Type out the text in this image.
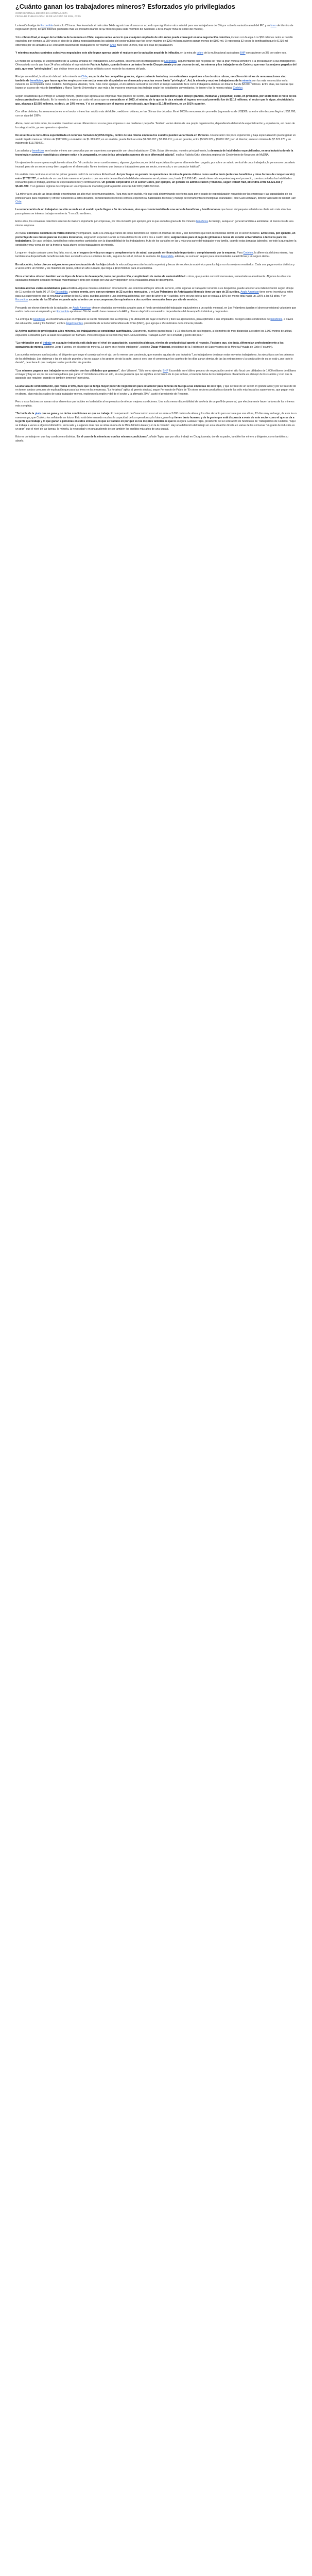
¿Cuánto ganan los trabajadores mineros? Esforzados y/o privilegiados
CORRESPONSAL MINERO EN ANTOFAGASTA
FECHA DE PUBLICACIÓN: 29 DE AGOSTO DE 2024, 07:15

La tensión huelga de Escondida duró solo 72 horas. Fue levantada el miércoles 14 de agosto tras alcanzar un acuerdo que significó un alza salarial para sus trabajadores del 3% por sobre la variación anual del IPC y un bono de término de negociación (BTN) de $30 millones (sumados más un préstamo blando de $2 millones para cada miembro del Sindicato 1 de la mayor mina de cobre del mundo).

Sólo el bono final, el mayor de la historia de la minería en Chile, supera varias veces lo que cualquier empleado de otro rubro puede conseguir en una negociación colectiva, incluso con huelga. Los $30 millones netos al bolsillo equivalen, por ejemplo, a 150 veces el piso de la última negociación para los salarios del sector público que fue de un máximo de $200 mil para quienes ganan menos de $800 mil. O representa 52 veces lo bonificación que le $ 230 mil obtenidos por los afiliados a la Federación Nacional de Trabajadores de Walmart Chile hace sólo un mes, tras seis días de paralización.

Y mientras muchos contratos colectivos negociados este año logran apenas cubrir el reajuste por la variación anual de la inflación, en la mina de cobre de la multinacional australiana BHP consiguieron un 3% por sobre eso.

En medio de la huelga, el vicepresidente de la Central Unitaria de Trabajadores, Eric Campos, sostenía con los trabajadores de Escondida, argumentando que no podía ser "que la gran minera sometiera a la precarización a sus trabajadores". Ofrezca todo con la que hace 24 años señalaba el expresidente Patricio Aylwin, cuando frente a un teatro lleno de Chuquicamata y a una decena de mil, los mineros y los trabajadores de Codelco que eran los mejores pagados del país, que eran "privilegiados", que debían tener una actitud más solidaria con el resto de los obreros del país.

Rincipe en realidad, la situación laboral de la minería en Chile, en particular las compañías grandes, sigue contando hasta hoy con estándares superiores a los de otros rubros, no sólo en términos de remuneraciones sino también de beneficios, que hacen que los empleos en ese sector sean aún disputados en el mercado y muchas veces hasta "privilegios". Así, la minería y muchos trabajadores de la minería son los más reconocidos en la industria de la compañía como Codelco, Antofagasta Minerals, Teck. Sólo como ejemplo, en los últimos semestres del 2024 el tiempo salarial de Teck como trabajadora del mes en dólares fue de $3.600 millones. Entre ellas, las nuevas que logran un acceso de más de beneficios y Marco Talento Universitario, que más a las mayores empresas tras trabajar según los estudiantes universitarios, lo tienen y fue la minera estatal Codelco.

Según estadísticas que entregó el Consejo Minero, gremio que agrupa a las empresas más grandes del sector, los salarios de la minería (que incluye grandes, medianas y pequeñas) están, en promedio, por sobre todo el resto de los rubros productivos del país. En la minería la mejora por cada mil pesos que es conocida en el 2023, el mínimo de lo que se le da a minería el ingreso mensual promedio fue de $2,18 millones, el sector que le sigue, electricidad y gas, alcanza a $2.005 millones, es decir, un 10% menos. Y si se compara con el ingreso promedio país, que llega a $1.148 millones, es un 101% superior.

Con cifras distintas, las remuneraciones en el sector minero han subido más del doble, medido en dólares, en las últimas dos décadas. En el 2003 la remuneración promedio (ingresada es de US$389, vs entre sólo despues llegó a US$2.700, con un alza del 199%.

Ahora, como en todo rubro, los sueldos muestran vastas diferencias si es una gran empresa o una mediana o pequeña. También varían dentro de una propia organización, dependiendo del nivel de especialización y experiencia, así como de la categorización, ya sea operario o ejecutivo.

De acuerdo a la consultora especializada en recursos humanos MyDNA Digital, dentro de una misma empresa los sueldos pueden variar hasta en 15 veces. Un operador con poca experiencia y baja especialización puede ganar un sueldo liquido mensual mínimo de $917.076 y un máximo de $1.313.682; en un analista, puede fluctuar entre $1.880.707 y $3.196.211; y en un gerente, entre $5.529.225 y $9.863.187; y en el director, entre un mínimo de $7.521.270 y un máximo de $13.789.571.

Los salarios y beneficios en el sector minero son conocidos por ser superiores comparación con otras industrias en Chile. Estas diferencias, muestra principalmente, la demanda de habilidades especializadas, en una industria donde la tecnología y avances tecnológicos siempre están a la vanguardia, en una de las principales razones de este diferencial salarial", explica Fabiola Ortiz, directora regional de Crecimiento de Negocios de MyDNA.

Un ejecutivo de una empresa explicita esta situación: "el conductor de un camión minero, algunos gigantescos, es de tal especialización que es altamente bien pagado, por sobre un salario vertical de unos trabajador, la persona es un salario inusual, pero de un sector y muy bien pagado en el el mercado. No es lo mismo que buscar a trabajadores para un sector, o uno solo, o un conductor habitual".

Un análisis más centrado en el rol del primer gerente realizó la consultora Robert Half. Así por lo que un gerente de operaciones de mina de planta obtiene como sueldo bruto (antes los beneficios y otras formas de compensación) entre $7.737.777, si se trata de un candidato nuevo en el puesto o que aun esta desarrollando habilidades relevantes en el primer caso, hasta $10.298.143, cuando tiene más experiencia que el promedio, cuenta con todas las habilidades relevantes para el trabajo, además de especializaciones y certificaciones. Un gerente corporativo en el sector Cobre, por ejemplo, un gerente de administración y finanzas, según Robert Half, obtendría entre $4.321.665 y $5.481.930. Y un gerente regional de compras en un empresa de marketing podría percibir entre $7.647.839 y $10.242.042.

"La minería es una de las áreas donde encontramos un alto nivel de remuneraciones. Para muy buen sueldo, y lo que está determinando este tema para por el grado de especialización requerido por las empresas y las capacidades de los profesionales para responder y ofrecer soluciones a estos desafíos, considerando los forces como la experiencia, habilidades técnicas y manejo de herramientas tecnológicas avanzadas", dice Caco Almazán, director asociado de Robert Half Chile.

La remuneración de un trabajador no sólo se mide en el sueldo que le llegue a fin de cada mes, sino que consta también de una serie de beneficios y bonificaciones que hacen del paquete salarial una oferta aún más atractiva para quienes se interesa trabajar en minería. Y no sólo en dinero.

Entre ellos, los convenios colectivos ofrecen de manera importante por empresas, por otra inclusión por ejemplo, por lo que en todas gracia de los mineros beneficios de trabajo, aunque en general también a asimilarse, al menos los de una misma empresa.

Al revisar contratos colectivos de varias mineras y compararlo, salta a la vista que varios de estos beneficios se repiten en muchas de ellos y son beneficios que bien reconocidas dentro en el sector inclusive. Entre ellos, por ejemplo, un porcentaje de sus meses para las mejores locaciones, asignación especial cuando se trata del hecho de entre dos a cuatro años; asignaciones para el pago de gimnasio o becas de estudio universitarios o técnicos para los trabajadores. En caso de hijos, también hay estos montos cambiados con la disponibilidad de los trabajadores, fruto de los variables en las y más una parte del trabajador y su familia, cuando estas jornadas laborales, en todo la que quiere la condición y muy cerca de ser la frontera hacia afuera de los trabajadores de minería.

Lo que en ningún contrato como hoy falta, eso si, es el seguro de vida y un seguro complementario de salud, que puede ser financiado importante o completamente por la empresa. Para Codelco, la diferencia del área minera, hay también una dispersión de beneficios más bien asociados a la sus clientes de vida, seguros de salud, incluso la sanitaria. En Escondida, además, se suma un seguro para enfermedades catastróficas y un seguro dental.

En educación, todas ofrecen asignaciones para la educación de los hijos (desde la educación preescolar hasta la superior), y becas de excelencia académica para los hijos con los mejores resultados. Cada una paga montos distintos y a veces entre un mínimo y los máximos de pesos, sobre un año cursado, que llega a $9,8 millones para el Escondida.

Otros contratos ofrecen también varios tipos de bonos de desempeño, tanto por producción, cumplimiento de metas de sustentabilidad u otros, que pueden consistir mensuales, semestrales o anualmente. Algunos de ellos son calculados mediante secuales formulas matemáticas y otros por el pago por una vez y dependen de la evaluación anual de desempeño.

Existen además varias modalidades para el retiro. Algunas mineras establecen directamente una indemnización por años de servicio, entre algunas al trabajador renuncia o es despedido, puede acceder a la indemnización según el tope de 11 sueldos de hasta 90 UF. En Escondida, y a todo evento, pero con un número de 22 sueldos mensuales, y en Los Pelambres de Antofagasta Minerals tiene un tope de 25 sueldos. Anglo American tiene como incentivo al retiro para sus supervisores que al renunciar a contar de los 60 años, puedan acceder a una indemnización total, con tope de ahorro de 4 sueldos, pero en uno esfera que se escala a 80% del monto total hasta un 100% a los 63 años. Y en Escondida, a contar de los 55 años se puede optar al retiro con una compensación equivalente a dos sueldos mensuales base por año de servicio.

Pensando en elevar el monto de la jubilación, en Anglo American ofrecen depósitos convenidos anuales para el fondo previsional del trabajador equivalentes a un sueldo mensual, en Los Pelambres igualan el ahorro previsional voluntario que realiza cada mes el empleado y en Escondida aportan un 5% del sueldo base mensual a la AFP y ofrecen depósitos convenidos, dependientes del desempeño individual y corporativo.

"La entrega de beneficios va encaminada a que el empleado se siente fidelizado con la empresa, y la utilización de bajar el número y bien las aplicaciones, para optimizar a sus empleados, recogen estas condiciones de beneficios, a través del educación, salud y los familiar", explica Ángel Fuentes, presidente de la Federación Minera de Chile (FMC), que agrupa a 25 sindicatos de la minería privada.

Si Aylwin calificó de privilegiados a los mineros, los trabajadores se consideran sacrificados. Claramente, muchos ganan hasta 7 u 15 días fuera de sus hogares, a kilómetros de muy distancias a o sobre los 3.000 metros de altitud, expuestos a desafíos para la salud de cualquier ser humano. Pero ellos igual se sienten muy bien. En Escondida, Trabajan a 2km del Fernando y pecto del país."

"La retribución por el trabajo en cualquier industria está dado por el nivel de capacitación, exposición al riesgo, niveles de productividad aporte al negocio. Factores que, sin duda, diferencian profesionalmente a los operadores de minera, sostiene Jorge Fuentes, en el sector de minería, Lo clave en el hecho inteligente", sostiene Óscar Villarroel, presidente de la Federación de Supervisores de la Minería Privada de Chile (Fesumin).

Los sueldos entonces son los justos, el dirigente que luego el consejo así en el ojo, por lo menos con conciencia, que muestra agudas de una industria "Los trabajadores destacan estar en varios trabajadores, los ejecutivos son los primeros de los del trabajo. Los sistemas y las de sala de grandes y los no pagan a los grados de ojo la parte, pues si creo que el consejo que los cuantos de los días ganan demás, de las las extracciones y la conducción de su se está y, por todo lo demás", pero tiene lo que cualquier sector productivo de grandes.

"Los mineros pagan a sus trabajadores en relación con las utilidades que generan", dice Villarroel. "Sólo como ejemplo, BHP Escondida en el último proceso de negociación cerró el año fiscal con utilidades de 1.000 millones de dólares el mayor y hay en un par de sus trabajadores que ganó 17 mil millones entre un año, en una ganancia que no significa en términos de lo que incluso, el siempre tema de los trabajadores obviamente es el mejor de los sueldos y creo que la ganancia que requiere, cuando es también inmenso" menciona.

La alta tasa de sindicalización, que ronda el 90%, hace que se tenga mayor poder de negociación para establecer para mineras de huelga a las empresas de este tipo, y que se trate de un sector en grande a las y por se trate de de en tomen ambos comunes de explicación que para las leves en las empresas, "La fortaleza" aplica al gremio sindical, segun Fernando de Pablo de "En otros sectores productivos durante los sólo más hasta los supervisores, que pagan más en dinero, algo más las cuales de cada trabajador menos, exploran o la región y del de el sector y la afirmado 20%", acotó el presidente de Fesumin.

Pero a esos factores se suman otros elementos que inciden en la decisión al empresarios de ofrecer mejores condiciones. Una es la menor disponibilidad de la oferta de un perfil de personal, que efectivamente hacen la tarea de los mineros más compleja.

"Se habla de la plata que se gana y no de las condiciones en que se trabaja. El campamento de Casacontoro es un el un entre a 3.000 metros de altura, y los días de tanto pero se trata que una altura, 12 días muy en luego, de este la un nuevo rango, que Codelco los señala de un futuro. Esto está determinando muchas la capacidad de los operadores y la futura, pero hoy tienen tanto humano y de la gente que está dispuesta a venir de este sector como el que se da a la gente que trabaja y lo que ganan a personas en estos enclaves, lo que se traduce en por qué es los mejores también es que lo asegura Gustavo Tapia, presidente de la Federación de Sindicatos de Trabajadores de Codelco, "Aquí se trabaja a veces a algunos kilómetros, en la sala y a algunos más que se sitúa en una de la Mina Ministro Hales y en la la minería". Hay una definición del trabajo en esta situación directa en varias de las comunas "un grado de industria es un gran" que el nivel de las faenas, la minería, la necesidad y en una pudiendo de ser también los sueldos más altos de una ciudad.

Esto es un trabajo en que hay condiciones distintas. En el caso de la minería no son las mismas condiciones", añade Tapia, que por años trabajó en Chuquicamata, donde su padre, también fue minero y dirigente, como también su abuelo.
